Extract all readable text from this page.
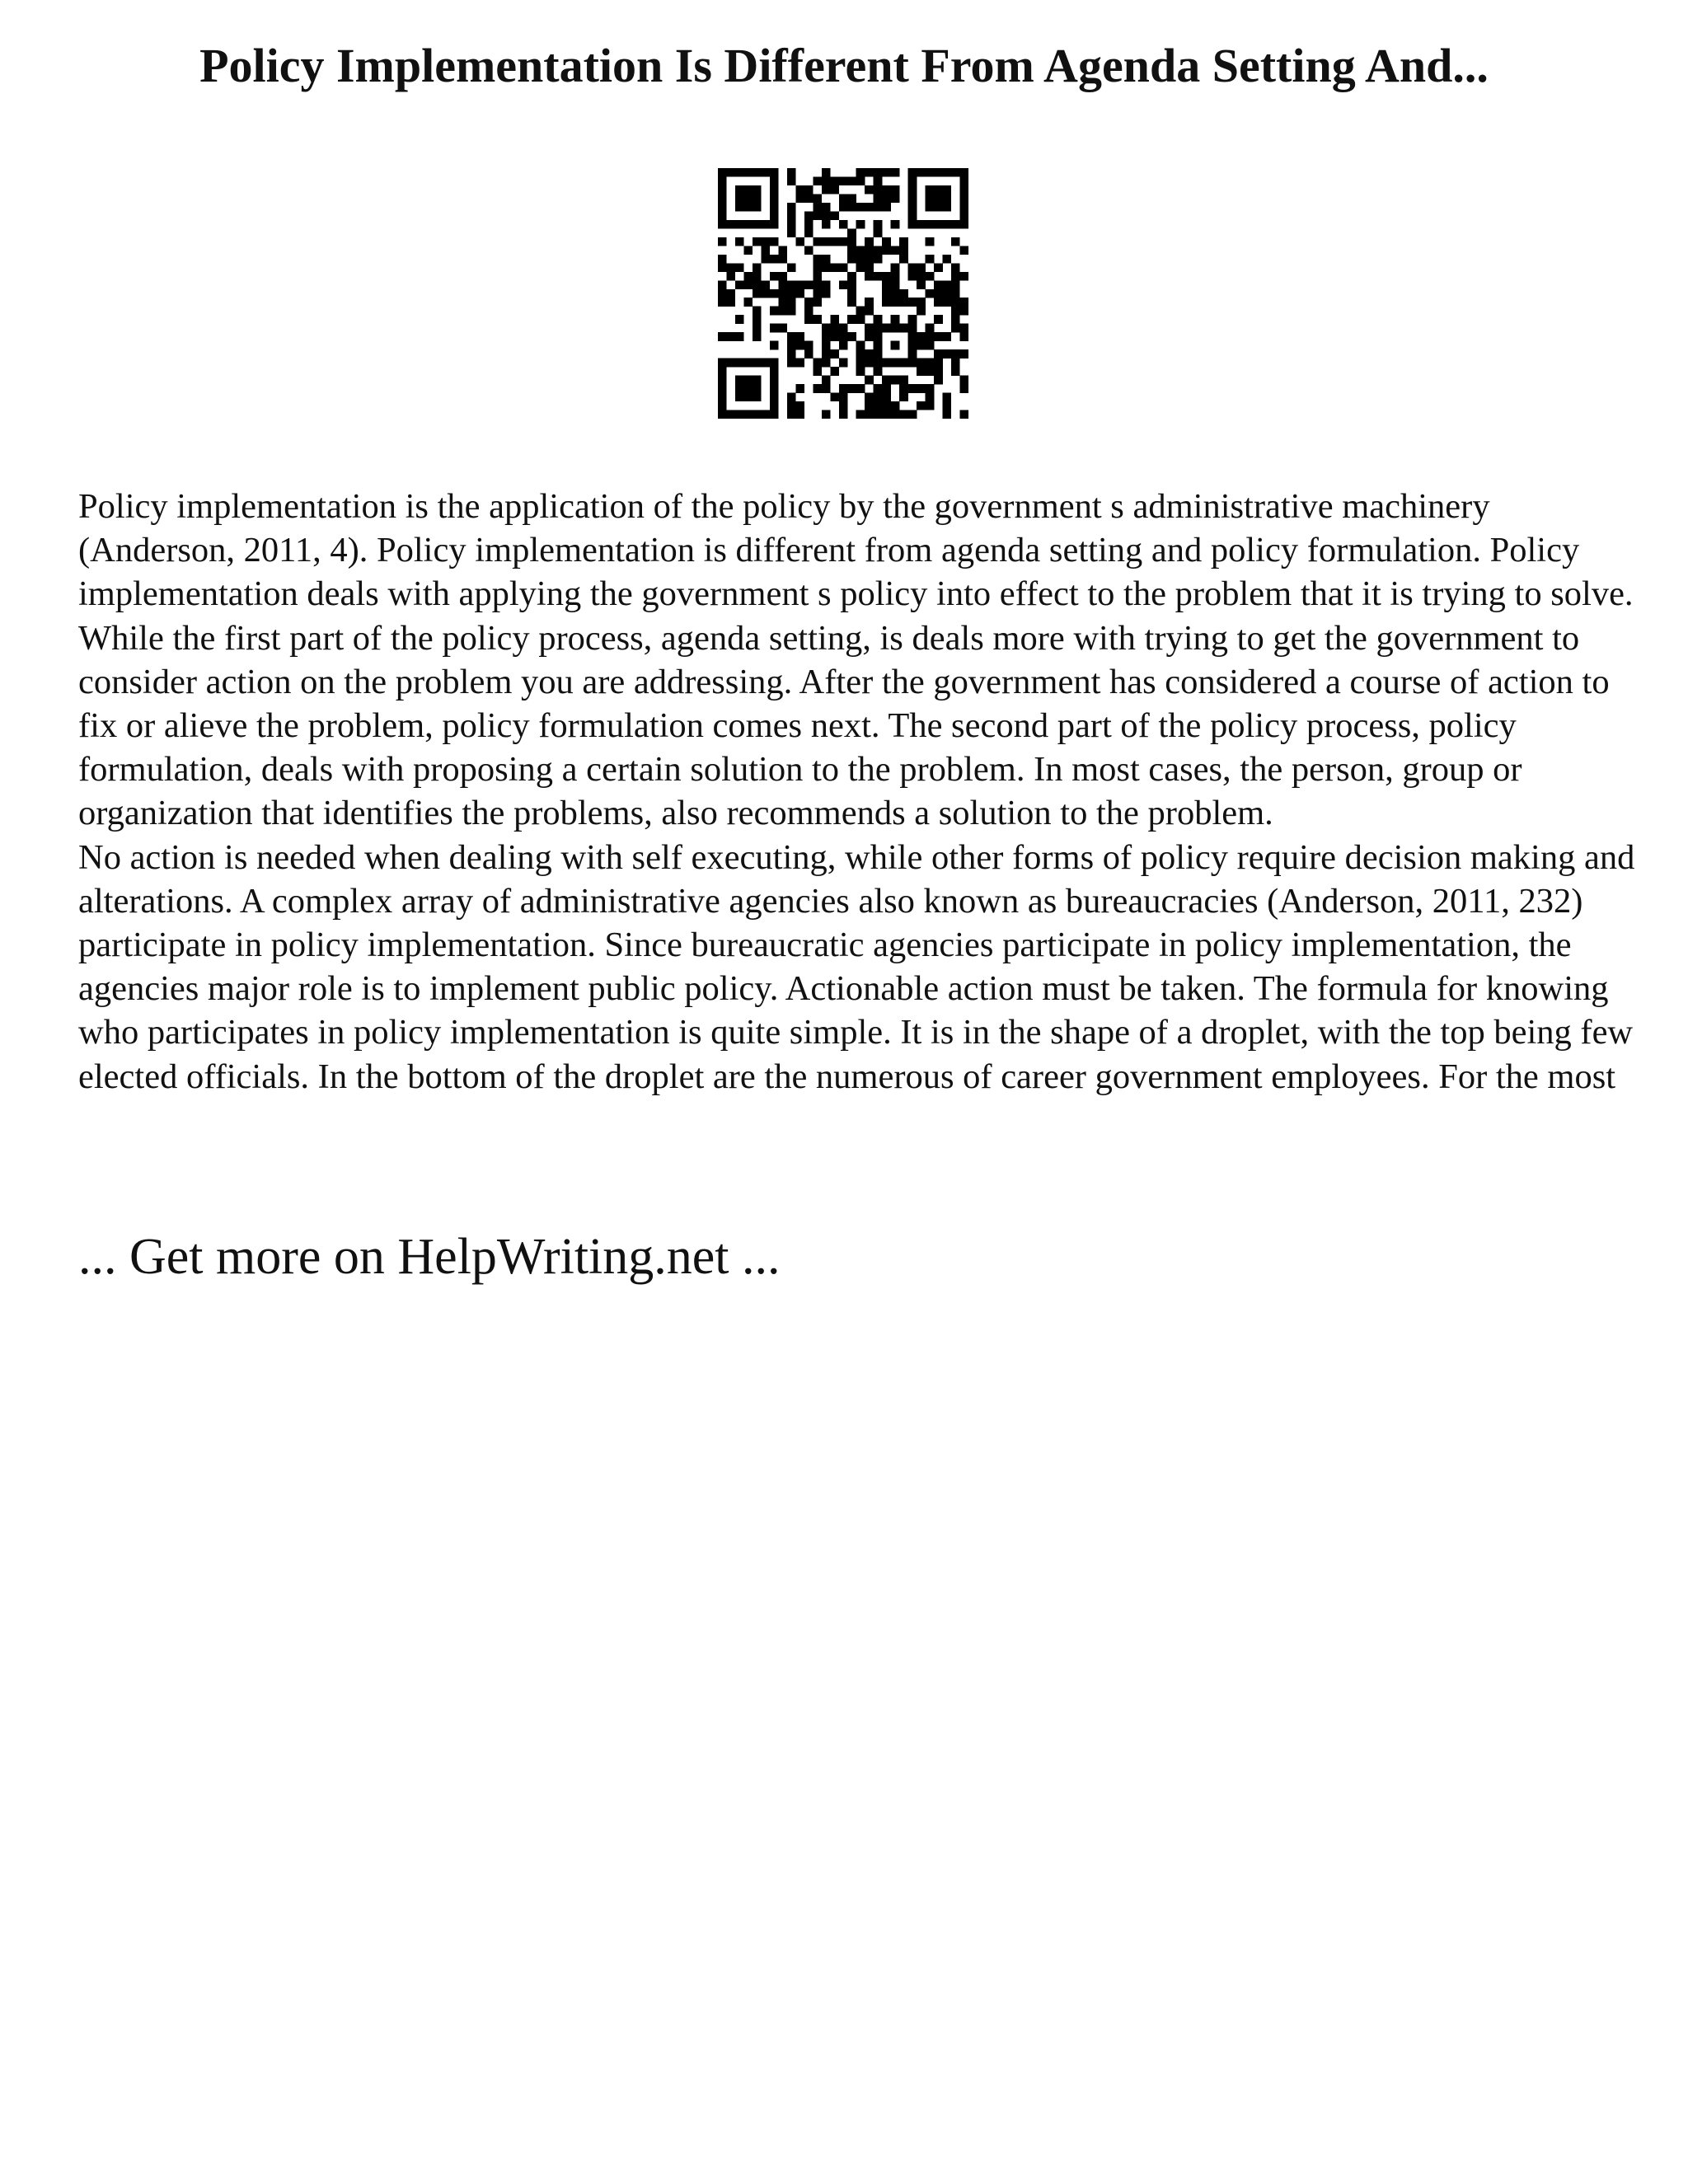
Policy Implementation Is Different From Agenda Setting And...

Policy implementation is the application of the policy by the government s administrative machinery (Anderson, 2011, 4). Policy implementation is different from agenda setting and policy formulation. Policy implementation deals with applying the government s policy into effect to the problem that it is trying to solve. While the first part of the policy process, agenda setting, is deals more with trying to get the government to consider action on the problem you are addressing. After the government has considered a course of action to fix or alieve the problem, policy formulation comes next. The second part of the policy process, policy formulation, deals with proposing a certain solution to the problem. In most cases, the person, group or organization that identifies the problems, also recommends a solution to the problem.

No action is needed when dealing with self executing, while other forms of policy require decision making and alterations. A complex array of administrative agencies also known as bureaucracies (Anderson, 2011, 232) participate in policy implementation. Since bureaucratic agencies participate in policy implementation, the agencies major role is to implement public policy. Actionable action must be taken. The formula for knowing who participates in policy implementation is quite simple. It is in the shape of a droplet, with the top being few elected officials. In the bottom of the droplet are the numerous of career government employees. For the most

... Get more on HelpWriting.net ...
